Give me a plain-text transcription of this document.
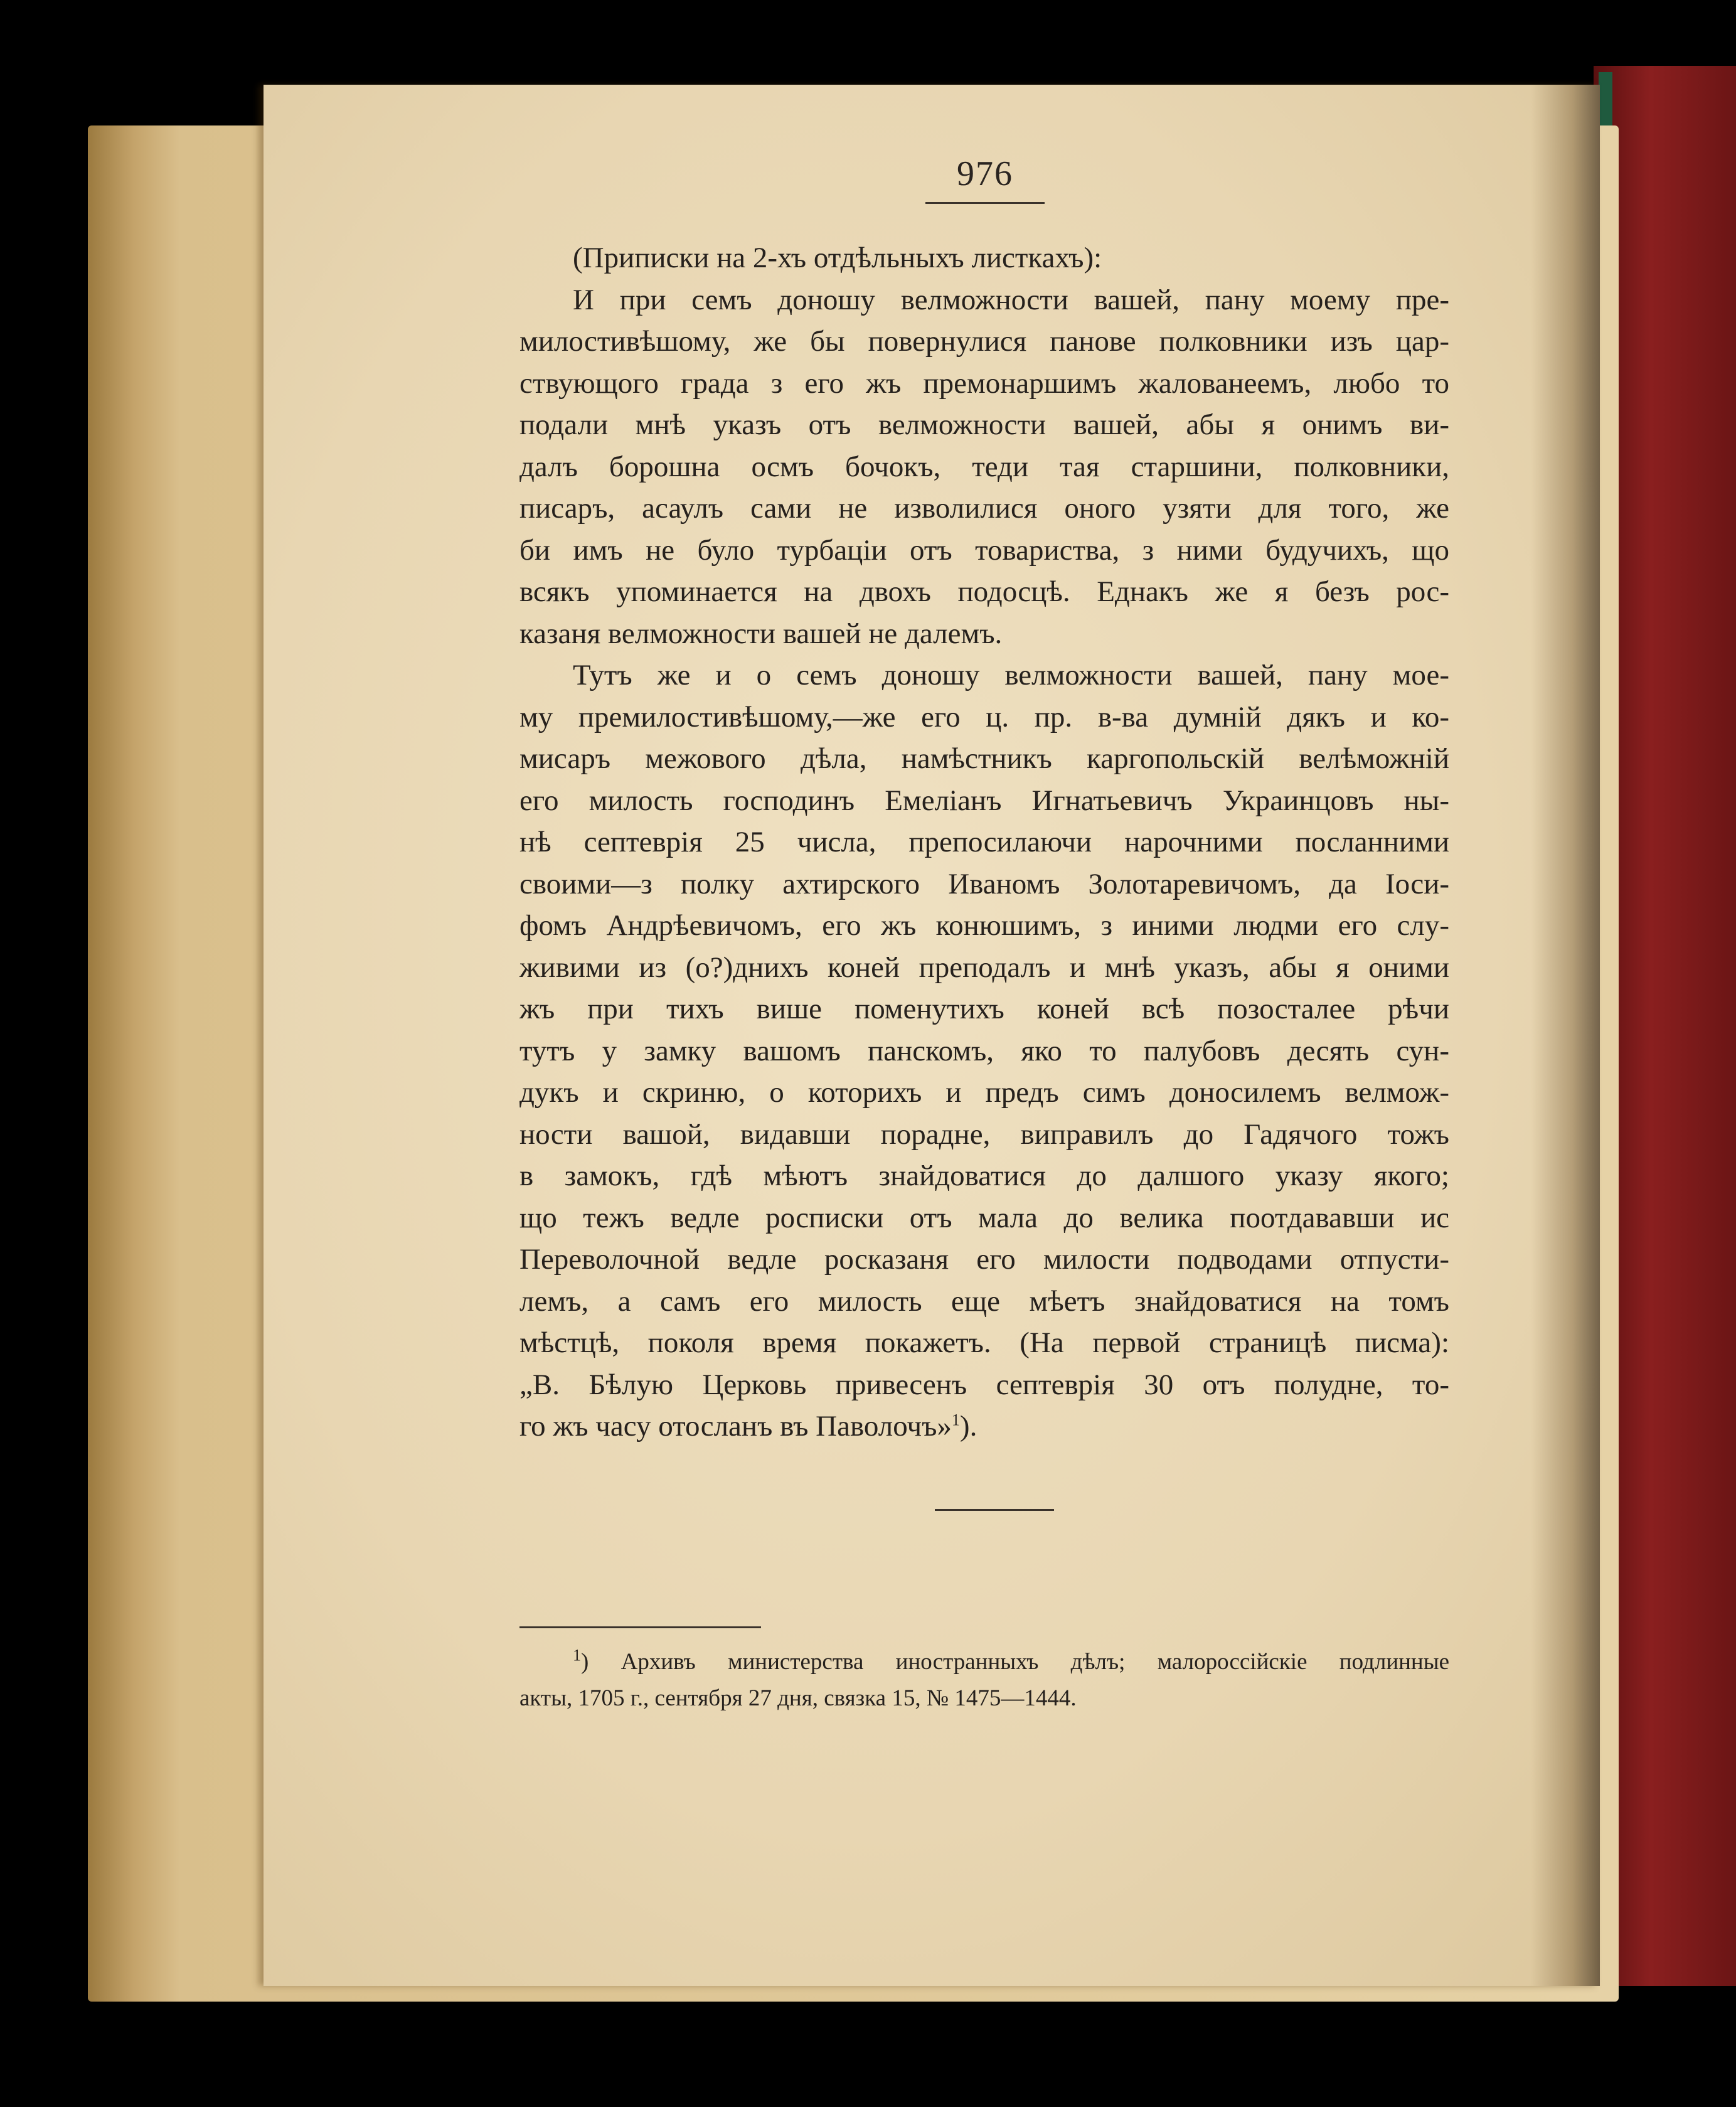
976
(Приписки на 2-хъ отдѣльныхъ листкахъ):
И при семъ доношу велможности вашей, пану моему пре-
милостивѣшому, же бы повернулися панове полковники изъ цар-
ствующого града з его жъ премонаршимъ жалованеемъ, любо то
подали мнѣ указъ отъ велможности вашей, абы я онимъ ви-
далъ борошна осмъ бочокъ, теди тая старшини, полковники,
писаръ, асаулъ сами не изволилися оного узяти для того, же
би имъ не було турбацiи отъ товариства, з ними будучихъ, що
всякъ упоминается на двохъ подосцѣ. Еднакъ же я безъ рос-
казаня велможности вашей не далемъ.
Тутъ же и о семъ доношу велможности вашей, пану мое-
му премилостивѣшому,—же его ц. пр. в-ва думнiй дякъ и ко-
мисаръ межового дѣла, намѣстникъ каргопольскiй велѣможнiй
его милость господинъ Емелiанъ Игнатьевичъ Украинцовъ ны-
нѣ септеврiя 25 числа, препосилаючи нарочними посланними
своими—з полку ахтирского Иваномъ Золотаревичомъ, да Iоси-
фомъ Андрѣевичомъ, его жъ конюшимъ, з иними людми его слу-
живими из (о?)днихъ коней преподалъ и мнѣ указъ, абы я оними
жъ при тихъ више поменутихъ коней всѣ позосталее рѣчи
тутъ у замку вашомъ панскомъ, яко то палубовъ десять сун-
дукъ и скриню, о которихъ и предъ симъ доносилемъ велмож-
ности вашой, видавши порадне, виправилъ до Гадячого тожъ
в замокъ, гдѣ мѣютъ знайдоватися до далшого указу якого;
що тежъ ведле росписки отъ мала до велика поотдававши ис
Переволочной ведле росказаня его милости подводами отпусти-
лемъ, а самъ его милость еще мѣетъ знайдоватися на томъ
мѣстцѣ, поколя время покажетъ. (На первой страницѣ писма):
„В. Бѣлую Церковь привесенъ септеврiя 30 отъ полудне, то-
го жъ часу отосланъ въ Паволочъ»$^1$).
$^1$) Архивъ министерства иностранныхъ дѣлъ; малороссiйскiе подлинные
акты, 1705 г., сентября 27 дня, связка 15, № 1475—1444.
